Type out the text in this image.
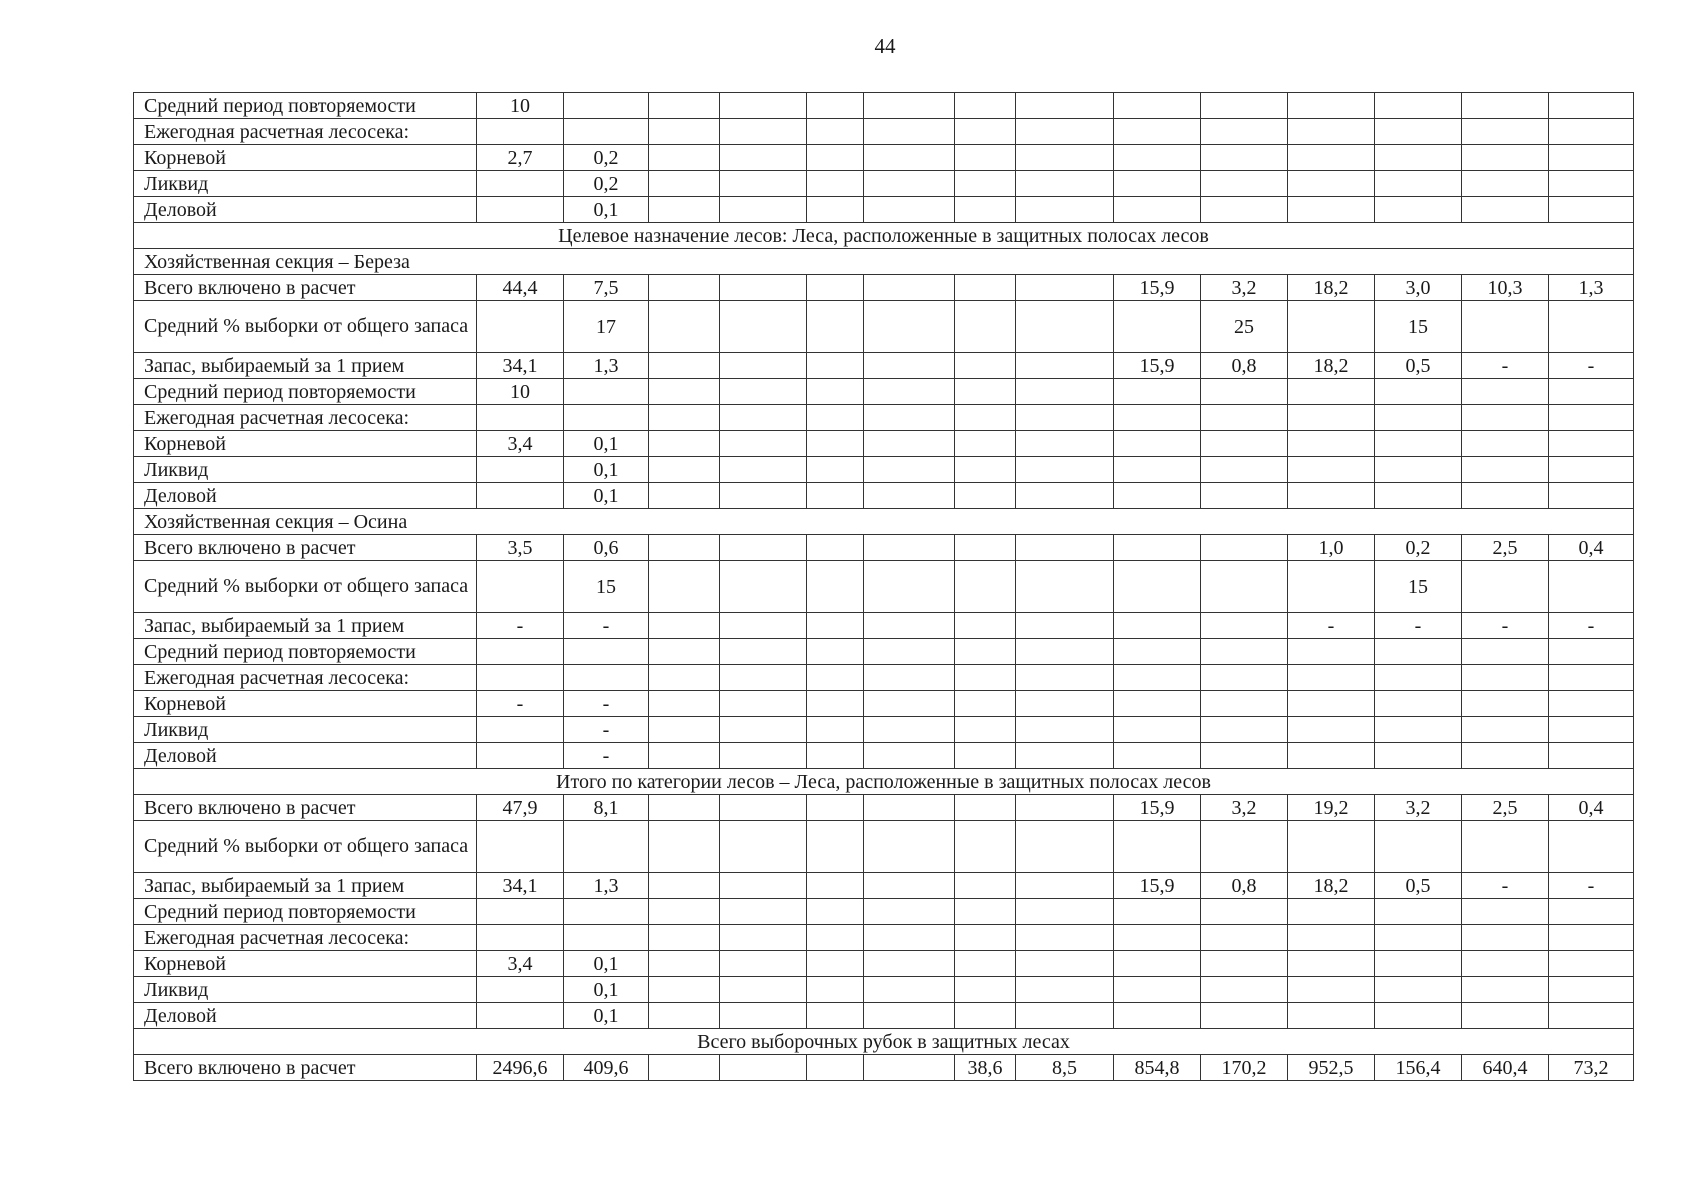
44
Средний период повторяемости	10													
Ежегодная расчетная лесосека:														
Корневой	2,7	0,2												
Ликвид		0,2												
Деловой		0,1												
Целевое назначение лесов: Леса, расположенные в защитных полосах лесов														
Хозяйственная секция – Береза														
Всего включено в расчет	44,4	7,5							15,9	3,2	18,2	3,0	10,3	1,3
Средний % выборки от общего запаса		17								25		15		
Запас, выбираемый за 1 прием	34,1	1,3							15,9	0,8	18,2	0,5	-	-
Средний период повторяемости	10													
Ежегодная расчетная лесосека:														
Корневой	3,4	0,1												
Ликвид		0,1												
Деловой		0,1												
Хозяйственная секция – Осина														
Всего включено в расчет	3,5	0,6									1,0	0,2	2,5	0,4
Средний % выборки от общего запаса		15										15		
Запас, выбираемый за 1 прием	-	-									-	-	-	-
Средний период повторяемости														
Ежегодная расчетная лесосека:														
Корневой	-	-												
Ликвид		-												
Деловой		-												
Итого по категории лесов – Леса, расположенные в защитных полосах лесов														
Всего включено в расчет	47,9	8,1							15,9	3,2	19,2	3,2	2,5	0,4
Средний % выборки от общего запаса														
Запас, выбираемый за 1 прием	34,1	1,3							15,9	0,8	18,2	0,5	-	-
Средний период повторяемости														
Ежегодная расчетная лесосека:														
Корневой	3,4	0,1												
Ликвид		0,1												
Деловой		0,1												
Всего выборочных рубок в защитных лесах														
Всего включено в расчет	2496,6	409,6					38,6	8,5	854,8	170,2	952,5	156,4	640,4	73,2
